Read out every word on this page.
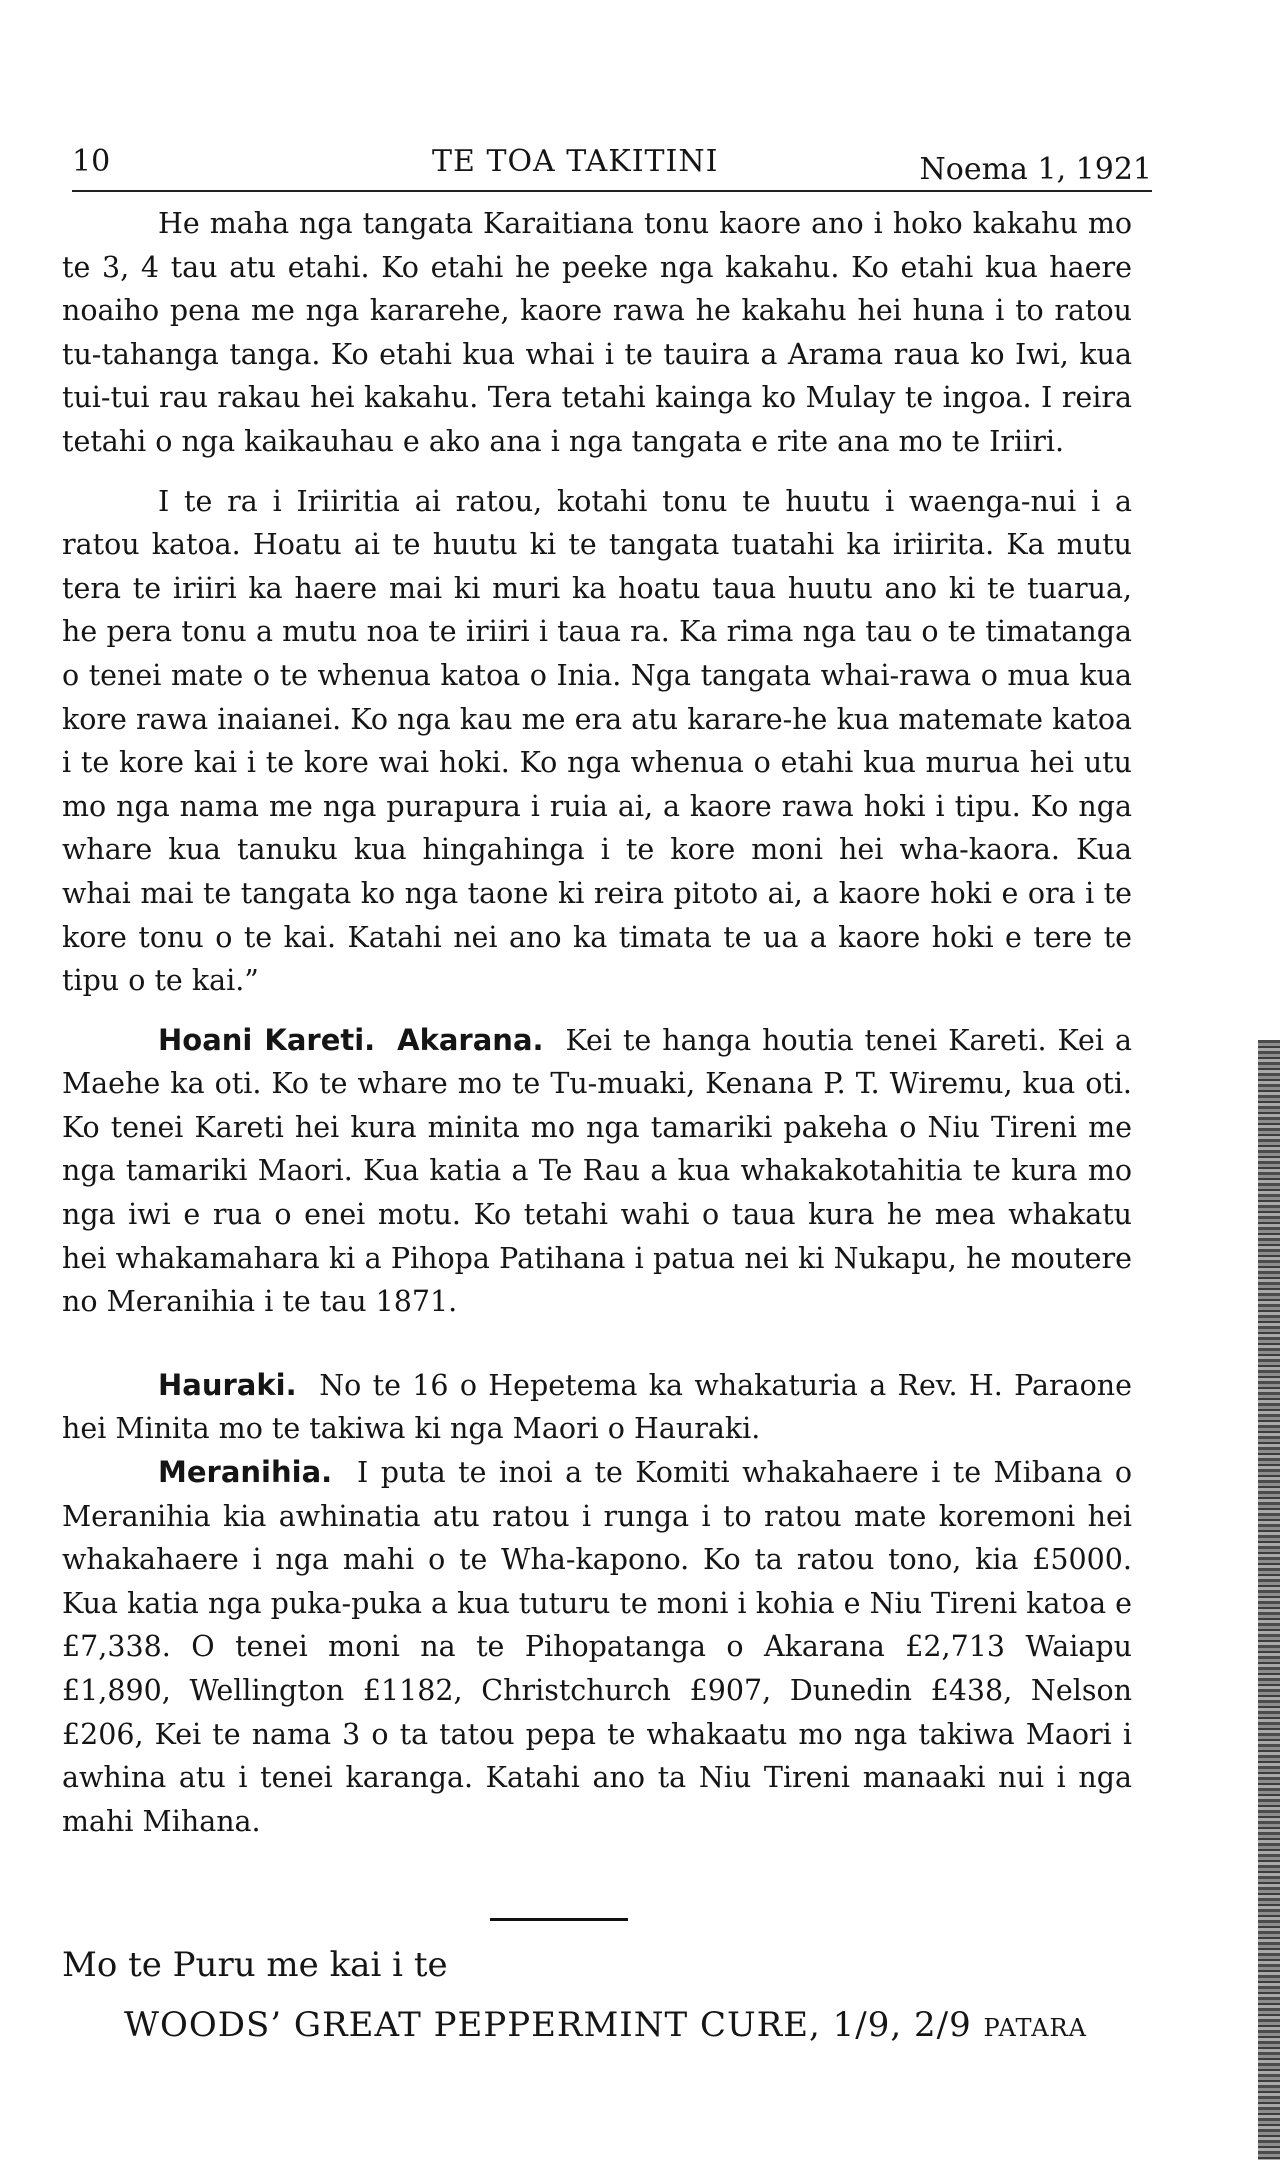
10	TE TOA TAKITINI	Noema 1, 1921

He maha nga tangata Karaitiana tonu kaore ano i hoko kakahu mo te 3, 4 tau atu etahi. Ko etahi he peeke nga kakahu. Ko etahi kua haere noaiho pena me nga kararehe, kaore rawa he kakahu hei huna i to ratou tu-tahanga tanga. Ko etahi kua whai i te tauira a Arama raua ko Iwi, kua tui-tui rau rakau hei kakahu. Tera tetahi kainga ko Mulay te ingoa. I reira tetahi o nga kaikauhau e ako ana i nga tangata e rite ana mo te Iriiri.

I te ra i Iriiritia ai ratou, kotahi tonu te huutu i waenga-nui i a ratou katoa. Hoatu ai te huutu ki te tangata tuatahi ka iriirita. Ka mutu tera te iriiri ka haere mai ki muri ka hoatu taua huutu ano ki te tuarua, he pera tonu a mutu noa te iriiri i taua ra. Ka rima nga tau o te timatanga o tenei mate o te whenua katoa o Inia. Nga tangata whai-rawa o mua kua kore rawa inaianei. Ko nga kau me era atu karare-he kua matemate katoa i te kore kai i te kore wai hoki. Ko nga whenua o etahi kua murua hei utu mo nga nama me nga purapura i ruia ai, a kaore rawa hoki i tipu. Ko nga whare kua tanuku kua hingahinga i te kore moni hei wha-kaora. Kua whai mai te tangata ko nga taone ki reira pitoto ai, a kaore hoki e ora i te kore tonu o te kai. Katahi nei ano ka timata te ua a kaore hoki e tere te tipu o te kai.”

Hoani Kareti. Akarana. Kei te hanga houtia tenei Kareti. Kei a Maehe ka oti. Ko te whare mo te Tu-muaki, Kenana P. T. Wiremu, kua oti. Ko tenei Kareti hei kura minita mo nga tamariki pakeha o Niu Tireni me nga tamariki Maori. Kua katia a Te Rau a kua whakakotahitia te kura mo nga iwi e rua o enei motu. Ko tetahi wahi o taua kura he mea whakatu hei whakamahara ki a Pihopa Patihana i patua nei ki Nukapu, he moutere no Meranihia i te tau 1871.

Hauraki. No te 16 o Hepetema ka whakaturia a Rev. H. Paraone hei Minita mo te takiwa ki nga Maori o Hauraki.

Meranihia. I puta te inoi a te Komiti whakahaere i te Mibana o Meranihia kia awhinatia atu ratou i runga i to ratou mate koremoni hei whakahaere i nga mahi o te Wha-kapono. Ko ta ratou tono, kia £5000. Kua katia nga puka-puka a kua tuturu te moni i kohia e Niu Tireni katoa e £7,338. O tenei moni na te Pihopatanga o Akarana £2,713 Waiapu £1,890, Wellington £1182, Christchurch £907, Dunedin £438, Nelson £206, Kei te nama 3 o ta tatou pepa te whakaatu mo nga takiwa Maori i awhina atu i tenei karanga. Katahi ano ta Niu Tireni manaaki nui i nga mahi Mihana.

Mo te Puru me kai i te
WOODS’ GREAT PEPPERMINT CURE, 1/9, 2/9 patara
